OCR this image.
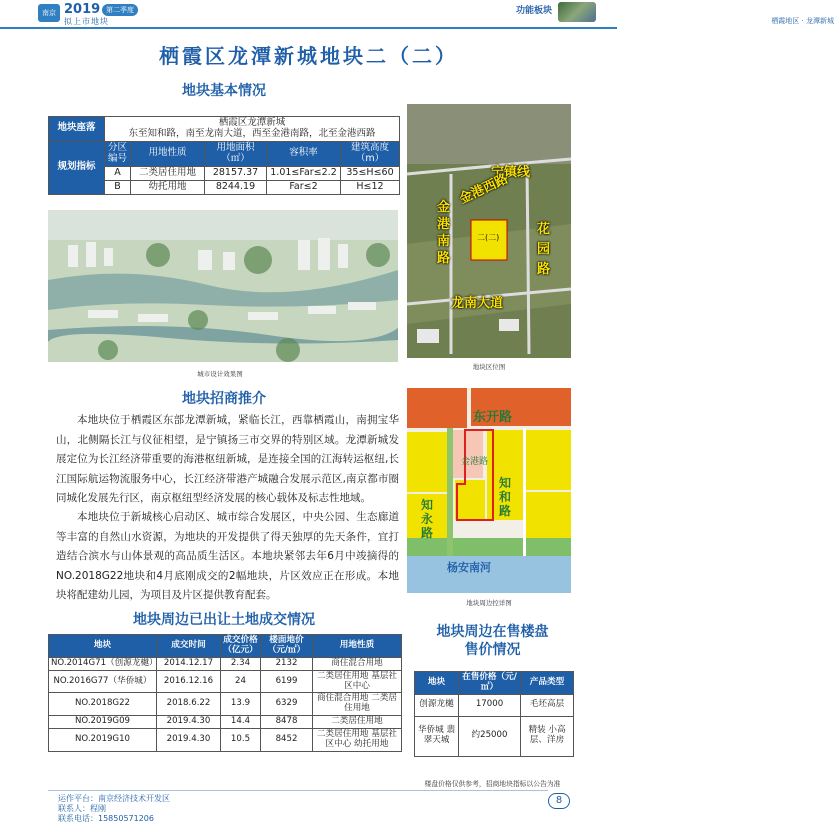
南京 2019 第二季度
拟上市地块
功能板块
栖霞地区 · 龙潭新城
栖霞区龙潭新城地块二（二）
地块基本情况
地块座落	栖霞区龙潭新城
东至知和路，南至龙南大道，西至金港南路，北至金港西路				

规划指标	分区编号	用地性质	用地面积（㎡）	容积率	建筑高度（m）
	A	二类居住用地	28157.37	1.01≤Far≤2.2	35≤H≤60
	B	幼托用地	8244.19	Far≤2	H≤12
城市设计效果图
宁镇线
金港西路
金港南路
花园路
龙南大道
二(二)
地块区位图
东开路
知和路
金港路
知永路
杨安南河
地块周边控详图
地块招商推介
本地块位于栖霞区东部龙潭新城，紧临长江，西靠栖霞山，南拥宝华山，北侧隔长江与仪征相望，是宁镇扬三市交界的特别区域。龙潭新城发展定位为长江经济带重要的海港枢纽新城，是连接全国的江海转运枢纽,长江国际航运物流服务中心，长江经济带港产城融合发展示范区,南京都市圈同城化发展先行区，南京枢纽型经济发展的核心载体及标志性地域。
本地块位于新城核心启动区、城市综合发展区，中央公园、生态廊道等丰富的自然山水资源，为地块的开发提供了得天独厚的先天条件，宜打造结合滨水与山体景观的高品质生活区。本地块紧邻去年6月中竣摘得的NO.2018G22地块和4月底刚成交的2幅地块，片区效应正在形成。本地块将配建幼儿园，为项目及片区提供教育配套。
地块周边已出让土地成交情况
地块	成交时间	成交价格（亿元）	楼面地价（元/㎡）	用地性质
NO.2014G71（创源龙樾）	2014.12.17	2.34	2132	商住混合用地
NO.2016G77（华侨城）	2016.12.16	24	6199	二类居住用地 基层社区中心
NO.2018G22	2018.6.22	13.9	6329	商住混合用地 二类居住用地
NO.2019G09	2019.4.30	14.4	8478	二类居住用地
NO.2019G10	2019.4.30	10.5	8452	二类居住用地 基层社区中心 幼托用地
地块周边在售楼盘
售价情况
地块	在售价格（元/㎡）	产品类型
创源龙樾	17000	毛坯高层
华侨城 翡翠天城	约25000	精装 小高层、洋房
楼盘价格仅供参考，招商地块指标以公告为准
运作平台：南京经济技术开发区
联系人：程刚
联系电话：15850571206
8
